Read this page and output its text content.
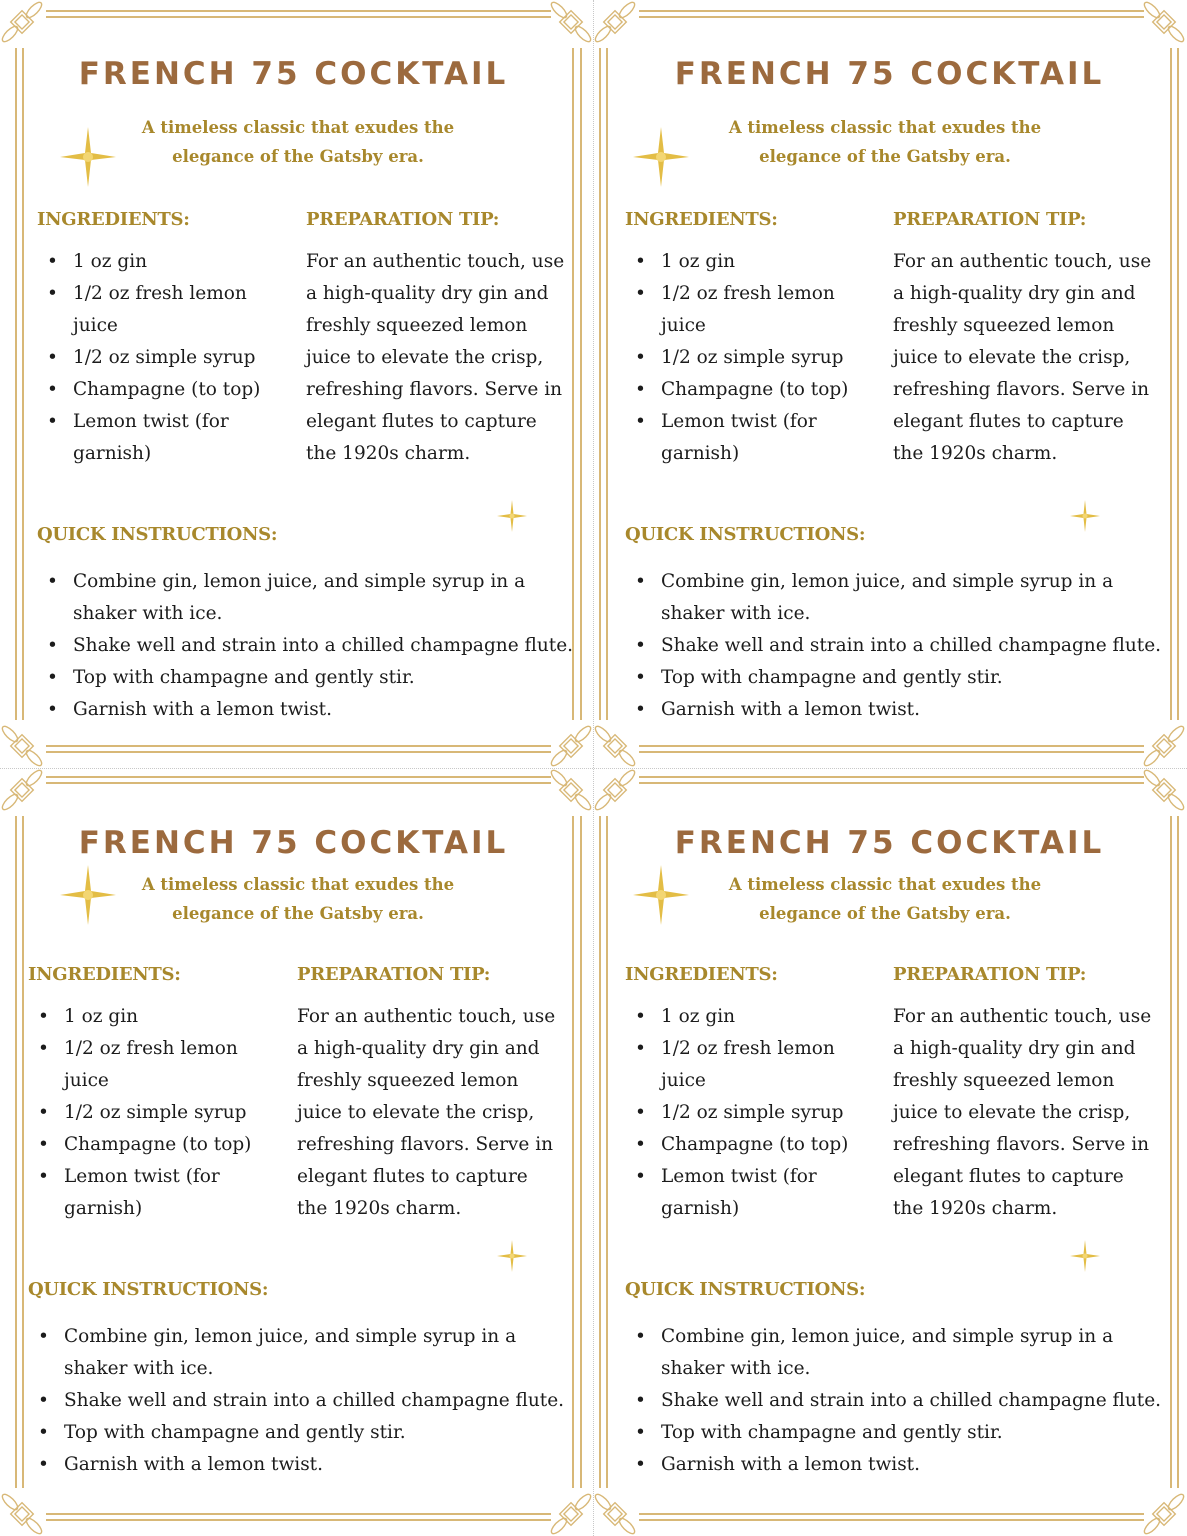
FRENCH 75 COCKTAIL
A timeless classic that exudes the
elegance of the Gatsby era.
INGREDIENTS:	PREPARATION TIP:
• 1 oz gin
• 1/2 oz fresh lemon juice
• 1/2 oz simple syrup
• Champagne (to top)
• Lemon twist (for garnish)

For an authentic touch, use a high-quality dry gin and freshly squeezed lemon juice to elevate the crisp, refreshing flavors. Serve in elegant flutes to capture the 1920s charm.

QUICK INSTRUCTIONS:
• Combine gin, lemon juice, and simple syrup in a shaker with ice.
• Shake well and strain into a chilled champagne flute.
• Top with champagne and gently stir.
• Garnish with a lemon twist.
FRENCH 75 COCKTAIL
A timeless classic that exudes the
elegance of the Gatsby era.
INGREDIENTS:	PREPARATION TIP:
• 1 oz gin
• 1/2 oz fresh lemon juice
• 1/2 oz simple syrup
• Champagne (to top)
• Lemon twist (for garnish)

For an authentic touch, use a high-quality dry gin and freshly squeezed lemon juice to elevate the crisp, refreshing flavors. Serve in elegant flutes to capture the 1920s charm.

QUICK INSTRUCTIONS:
• Combine gin, lemon juice, and simple syrup in a shaker with ice.
• Shake well and strain into a chilled champagne flute.
• Top with champagne and gently stir.
• Garnish with a lemon twist.
FRENCH 75 COCKTAIL
A timeless classic that exudes the
elegance of the Gatsby era.
INGREDIENTS:	PREPARATION TIP:
• 1 oz gin
• 1/2 oz fresh lemon juice
• 1/2 oz simple syrup
• Champagne (to top)
• Lemon twist (for garnish)

For an authentic touch, use a high-quality dry gin and freshly squeezed lemon juice to elevate the crisp, refreshing flavors. Serve in elegant flutes to capture the 1920s charm.

QUICK INSTRUCTIONS:
• Combine gin, lemon juice, and simple syrup in a shaker with ice.
• Shake well and strain into a chilled champagne flute.
• Top with champagne and gently stir.
• Garnish with a lemon twist.
FRENCH 75 COCKTAIL
A timeless classic that exudes the
elegance of the Gatsby era.
INGREDIENTS:	PREPARATION TIP:
• 1 oz gin
• 1/2 oz fresh lemon juice
• 1/2 oz simple syrup
• Champagne (to top)
• Lemon twist (for garnish)

For an authentic touch, use a high-quality dry gin and freshly squeezed lemon juice to elevate the crisp, refreshing flavors. Serve in elegant flutes to capture the 1920s charm.

QUICK INSTRUCTIONS:
• Combine gin, lemon juice, and simple syrup in a shaker with ice.
• Shake well and strain into a chilled champagne flute.
• Top with champagne and gently stir.
• Garnish with a lemon twist.
